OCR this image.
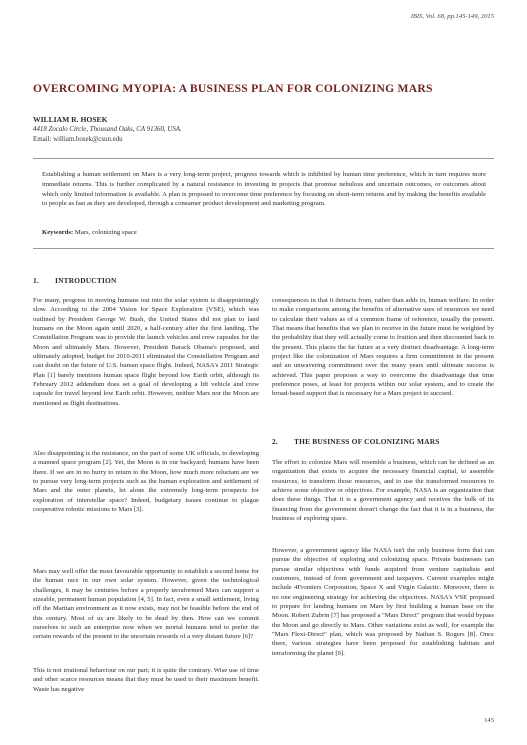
JBIS, Vol. 68, pp.145-149, 2015
OVERCOMING MYOPIA: A BUSINESS PLAN FOR COLONIZING MARS
WILLIAM R. HOSEK
4418 Zocalo Circle, Thousand Oaks, CA 91360, USA.
Email: william.hosek@csun.edu
Establishing a human settlement on Mars is a very long-term project, progress towards which is inhibited by human time preference, which in turn requires more immediate returns. This is further complicated by a natural resistance to investing in projects that promise nebulous and uncertain outcomes, or outcomes about which only limited information is available. A plan is proposed to overcome time preference by focusing on short-term returns and by making the benefits available to people as fast as they are developed, through a consumer product development and marketing program.
Keywords: Mars, colonizing space
1. INTRODUCTION
For many, progress in moving humans out into the solar system is disappointingly slow. According to the 2004 Vision for Space Exploration (VSE), which was outlined by President George W. Bush, the United States did not plan to land humans on the Moon again until 2020, a half-century after the first landing. The Constellation Program was to provide the launch vehicles and crew capsules for the Moon and ultimately Mars. However, President Barack Obama's proposed, and ultimately adopted, budget for 2010-2011 eliminated the Constellation Program and cast doubt on the future of U.S. human space flight. Indeed, NASA's 2011 Strategic Plan [1] barely mentions human space flight beyond low Earth orbit, although its February 2012 addendum does set a goal of developing a lift vehicle and crew capsule for travel beyond low Earth orbit. However, neither Mars nor the Moon are mentioned as flight destinations.
Also disappointing is the resistance, on the part of some UK officials, to developing a manned space program [2]. Yet, the Moon is in our backyard; humans have been there. If we are in no hurry to return to the Moon, how much more reluctant are we to pursue very long-term projects such as the human exploration and settlement of Mars and the outer planets, let alone the extremely long-term prospects for exploration of interstellar space? Indeed, budgetary issues continue to plague cooperative robotic missions to Mars [3].
Mars may well offer the most favourable opportunity to establish a second home for the human race in our own solar system. However, given the technological challenges, it may be centuries before a properly terraformed Mars can support a sizeable, permanent human population [4, 5]. In fact, even a small settlement, living off the Martian environment as it now exists, may not be feasible before the end of this century. Most of us are likely to be dead by then. How can we commit ourselves to such an enterprise now when we mortal humans tend to prefer the certain rewards of the present to the uncertain rewards of a very distant future [6]?
This is not irrational behaviour on our part; it is quite the contrary. Wise use of time and other scarce resources means that they must be used to their maximum benefit. Waste has negative
consequences in that it detracts from, rather than adds to, human welfare. In order to make comparisons among the benefits of alternative uses of resources we need to calculate their values as of a common frame of reference, usually the present. That means that benefits that we plan to receive in the future must be weighted by the probability that they will actually come to fruition and then discounted back to the present. This places the far future at a very distinct disadvantage. A long-term project like the colonization of Mars requires a firm commitment in the present and an unwavering commitment over the many years until ultimate success is achieved. This paper proposes a way to overcome the disadvantage that time preference poses, at least for projects within our solar system, and to create the broad-based support that is necessary for a Mars project to succeed.
2. THE BUSINESS OF COLONIZING MARS
The effort to colonize Mars will resemble a business, which can be defined as an organization that exists to acquire the necessary financial capital, to assemble resources, to transform those resources, and to use the transformed resources to achieve some objective or objectives. For example, NASA is an organization that does these things. That it is a government agency and receives the bulk of its financing from the government doesn't change the fact that it is in a business, the business of exploring space.
However, a government agency like NASA isn't the only business form that can pursue the objective of exploring and colonizing space. Private businesses can pursue similar objectives with funds acquired from venture capitalists and customers, instead of from government and taxpayers. Current examples might include 4Frontiers Corporation, Space X and Virgin Galactic. Moreover, there is no one engineering strategy for achieving the objectives. NASA's VSE proposed to prepare for landing humans on Mars by first building a human base on the Moon. Robert Zubrin [7] has proposed a "Mars Direct" program that would bypass the Moon and go directly to Mars. Other variations exist as well, for example the "Mars Flexi-Direct" plan, which was proposed by Nathan S. Rogers [8]. Once there, various strategies have been proposed for establishing habitats and terraforming the planet [9].
145
